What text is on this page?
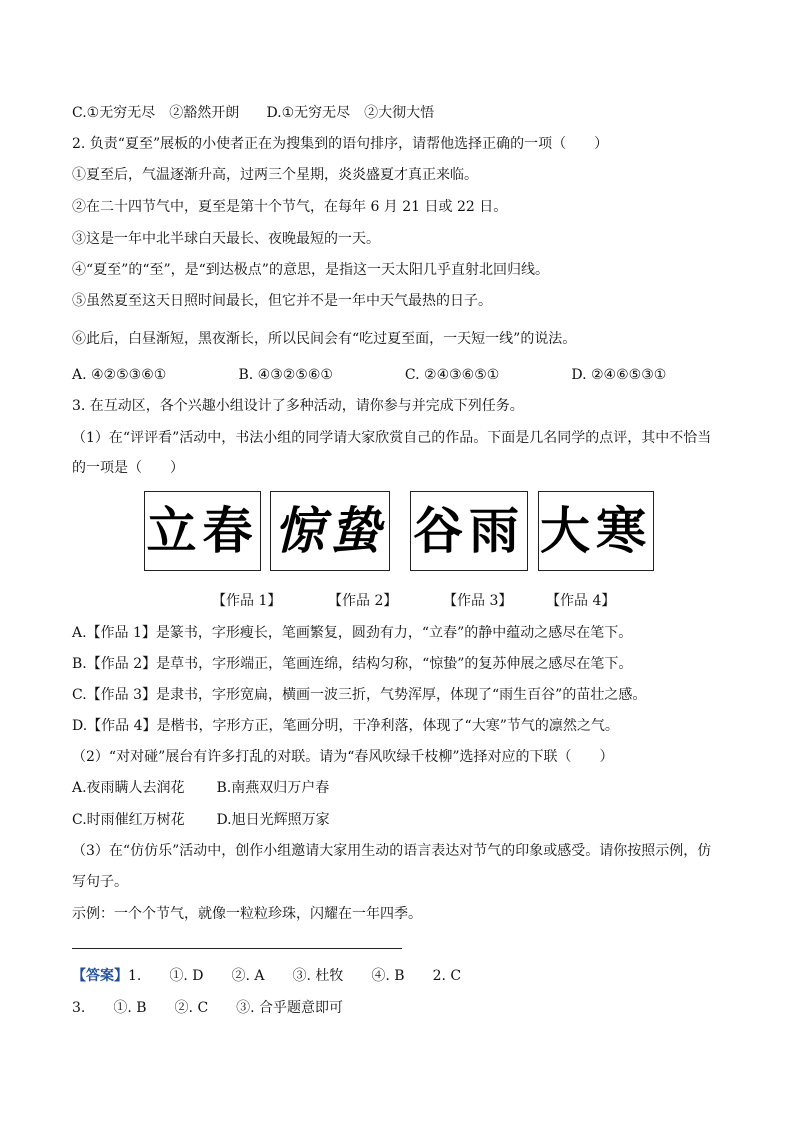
C.①无穷无尽　②豁然开朗 D.①无穷无尽　②大彻大悟
2. 负责“夏至”展板的小使者正在为搜集到的语句排序，请帮他选择正确的一项（　　）
①夏至后，气温逐渐升高，过两三个星期，炎炎盛夏才真正来临。
②在二十四节气中，夏至是第十个节气，在每年 6 月 21 日或 22 日。
③这是一年中北半球白天最长、夜晚最短的一天。
④“夏至”的“至”，是“到达极点”的意思，是指这一天太阳几乎直射北回归线。
⑤虽然夏至这天日照时间最长，但它并不是一年中天气最热的日子。
⑥此后，白昼渐短，黑夜渐长，所以民间会有“吃过夏至面，一天短一线”的说法。
A. ④②⑤③⑥①	B. ④③②⑤⑥①	C. ②④③⑥⑤①	D. ②④⑥⑤③①
3. 在互动区，各个兴趣小组设计了多种活动，请你参与并完成下列任务。
（1）在“评评看”活动中，书法小组的同学请大家欣赏自己的作品。下面是几名同学的点评，其中不恰当
的一项是（　　）
立春 惊蛰 谷雨 大寒
【作品 1】	【作品 2】	【作品 3】 【作品 4】
A.【作品 1】是篆书，字形瘦长，笔画繁复，圆劲有力，“立春”的静中蕴动之感尽在笔下。
B.【作品 2】是草书，字形端正，笔画连绵，结构匀称，“惊蛰”的复苏伸展之感尽在笔下。
C.【作品 3】是隶书，字形宽扁，横画一波三折，气势浑厚，体现了“雨生百谷”的苗壮之感。
D.【作品 4】是楷书，字形方正，笔画分明，干净利落，体现了“大寒”节气的凛然之气。
（2）“对对碰”展台有许多打乱的对联。请为“春风吹绿千枝柳”选择对应的下联（　　）
A.夜雨瞒人去润花 B.南燕双归万户春
C.时雨催红万树花 D.旭日光辉照万家
（3）在“仿仿乐”活动中，创作小组邀请大家用生动的语言表达对节气的印象或感受。请你按照示例，仿
写句子。
示例：一个个节气，就像一粒粒珍珠，闪耀在一年四季。
【答案】1.　　①. D　　②. A　　③. 杜牧　　④. B　　2. C
3.　　①. B　　②. C　　③. 合乎题意即可
